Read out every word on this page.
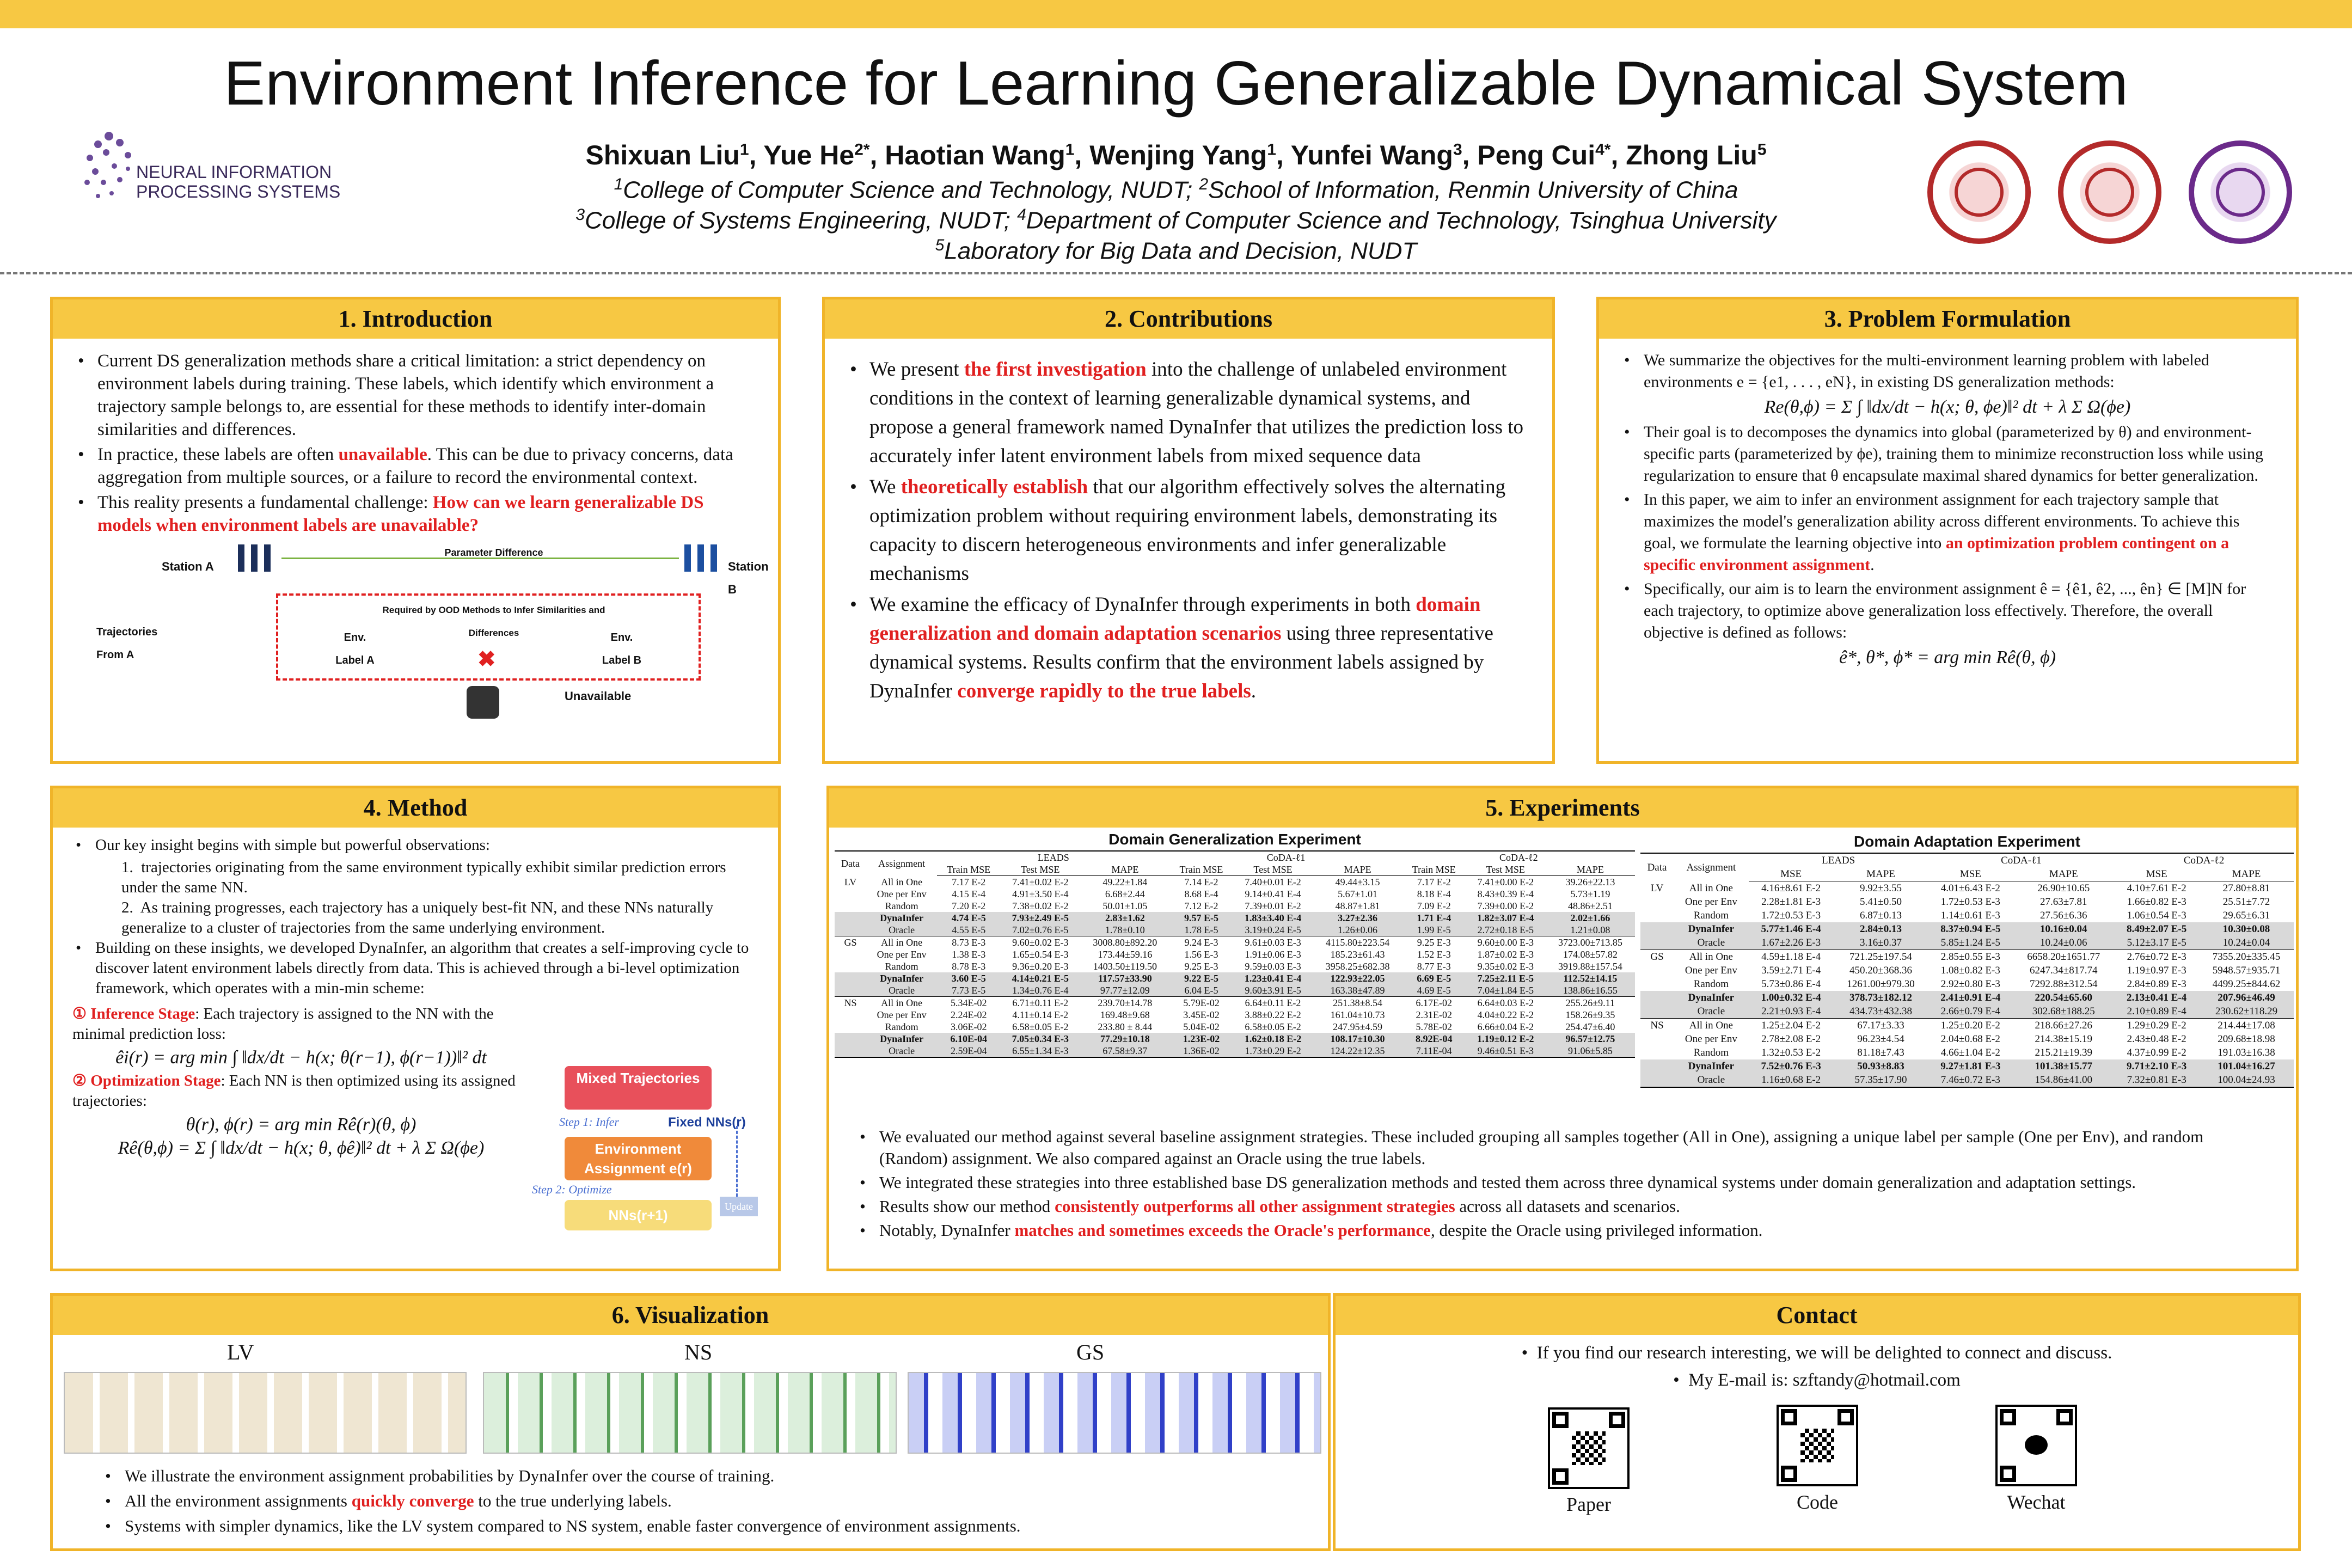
Environment Inference for Learning Generalizable Dynamical System
NEURAL INFORMATION
PROCESSING SYSTEMS
Shixuan Liu$^1$, Yue $He^{2*}$, Haotian Wang$^1$, Wenjing Yang$^1$, Yunfei Wang$^3$, Peng Cui$^{4*}$, Zhong Liu$^5$
$^1$College of Computer Science and Technology, NUDT; $^2$School of Information, Renmin University of China
$^3$College of Systems Engineering, NUDT; $^4$Department of Computer Science and Technology, Tsinghua University
$^5$Laboratory for Big Data and Decision, NUDT
1. Introduction
• Current DS generalization methods share a critical limitation: a strict dependency on environment labels during training. These labels, which identify which environment a trajectory sample belongs to, are essential for these methods to identify inter-domain similarities and differences.
• In practice, these labels are often unavailable. This can be due to privacy concerns, data aggregation from multiple sources, or a failure to record the environmental context.
• This reality presents a fundamental challenge: How can we learn generalizable DS models when environment labels are unavailable?
Station A
Parameter Difference
Station B
Trajectories From A
Required by OOD Methods to Infer Similarities and Differences
Env. Label A
Env. Label B
✖
Unavailable
2. Contributions
• We present the first investigation into the challenge of unlabeled environment conditions in the context of learning generalizable dynamical systems, and propose a general framework named DynaInfer that utilizes the prediction loss to accurately infer latent environment labels from mixed sequence data
• We theoretically establish that our algorithm effectively solves the alternating optimization problem without requiring environment labels, demonstrating its capacity to discern heterogeneous environments and infer generalizable mechanisms
• We examine the efficacy of DynaInfer through experiments in both domain generalization and domain adaptation scenarios using three representative dynamical systems. Results confirm that the environment labels assigned by DynaInfer converge rapidly to the true labels.
3. Problem Formulation
• We summarize the objectives for the multi-environment learning problem with labeled environments e = {e1, . . . , eN}, in existing DS generalization methods:
Re(θ,ϕ) = Σ ∫ ‖dx/dt − h(x; θ, ϕe)‖² dt + λ Σ Ω(ϕe)
• Their goal is to decomposes the dynamics into global (parameterized by θ) and environment-specific parts (parameterized by ϕe), training them to minimize reconstruction loss while using regularization to ensure that θ encapsulate maximal shared dynamics for better generalization.
• In this paper, we aim to infer an environment assignment for each trajectory sample that maximizes the model's generalization ability across different environments. To achieve this goal, we formulate the learning objective into an optimization problem contingent on a specific environment assignment.
• Specifically, our aim is to learn the environment assignment ê = {ê1, ê2, ..., ên} ∈ [M]N for each trajectory, to optimize above generalization loss effectively. Therefore, the overall objective is defined as follows:
ê*, θ*, ϕ* = arg min Rê(θ, ϕ)
4. Method
• Our key insight begins with simple but powerful observations:
1.  trajectories originating from the same environment typically exhibit similar prediction errors under the same NN.
2.  As training progresses, each trajectory has a uniquely best-fit NN, and these NNs naturally generalize to a cluster of trajectories from the same underlying environment.
• Building on these insights, we developed DynaInfer, an algorithm that creates a self-improving cycle to discover latent environment labels directly from data. This is achieved through a bi-level optimization framework, which operates with a min-min scheme:
① Inference Stage: Each trajectory is assigned to the NN with the minimal prediction loss:
êi(r) = arg min ∫ ‖dx/dt − h(x; θ(r−1), ϕ(r−1))‖² dt
② Optimization Stage: Each NN is then optimized using its assigned trajectories:
θ(r), ϕ(r) = arg min Rê(r)(θ, ϕ)
Rê(θ,ϕ) = Σ ∫ ‖dx/dt − h(x; θ, ϕê)‖² dt + λ Σ Ω(ϕe)
Mixed Trajectories
Step 1: Infer	Fixed NNs(r)
Environment Assignment e(r)
Step 2: Optimize
NNs(r+1)
Update
5. Experiments
Domain Generalization Experiment
Data	Assignment	LEADS			CoDA-ℓ1			CoDA-ℓ2		
		Train MSE	Test MSE	MAPE	Train MSE	Test MSE	MAPE	Train MSE	Test MSE	MAPE
LV	All in One	7.17 E-2	7.41±0.02 E-2	49.22±1.84	7.14 E-2	7.40±0.01 E-2	49.44±3.15	7.17 E-2	7.41±0.00 E-2	39.26±22.13
	One per Env	4.15 E-4	4.91±3.50 E-4	6.68±2.44	8.68 E-4	9.14±0.41 E-4	5.67±1.01	8.18 E-4	8.43±0.39 E-4	5.73±1.19
	Random	7.20 E-2	7.38±0.02 E-2	50.01±1.05	7.12 E-2	7.39±0.01 E-2	48.87±1.81	7.09 E-2	7.39±0.00 E-2	48.86±2.51
	DynaInfer	4.74 E-5	7.93±2.49 E-5	2.83±1.62	9.57 E-5	1.83±3.40 E-4	3.27±2.36	1.71 E-4	1.82±3.07 E-4	2.02±1.66
	Oracle	4.55 E-5	7.02±0.76 E-5	1.78±0.10	1.78 E-5	3.19±0.24 E-5	1.26±0.06	1.99 E-5	2.72±0.18 E-5	1.21±0.08
GS	All in One	8.73 E-3	9.60±0.02 E-3	3008.80±892.20	9.24 E-3	9.61±0.03 E-3	4115.80±223.54	9.25 E-3	9.60±0.00 E-3	3723.00±713.85
	One per Env	1.38 E-3	1.65±0.54 E-3	173.44±59.16	1.56 E-3	1.91±0.06 E-3	185.23±61.43	1.52 E-3	1.87±0.02 E-3	174.08±57.82
	Random	8.78 E-3	9.36±0.20 E-3	1403.50±119.50	9.25 E-3	9.59±0.03 E-3	3958.25±682.38	8.77 E-3	9.35±0.02 E-3	3919.88±157.54
	DynaInfer	3.60 E-5	4.14±0.21 E-5	117.57±33.90	9.22 E-5	1.23±0.41 E-4	122.93±22.05	6.69 E-5	7.25±2.11 E-5	112.52±14.15
	Oracle	7.73 E-5	1.34±0.76 E-4	97.77±12.09	6.04 E-5	9.60±3.91 E-5	163.38±47.89	4.69 E-5	7.04±1.84 E-5	138.86±16.55
NS	All in One	5.34E-02	6.71±0.11 E-2	239.70±14.78	5.79E-02	6.64±0.11 E-2	251.38±8.54	6.17E-02	6.64±0.03 E-2	255.26±9.11
	One per Env	2.24E-02	4.11±0.14 E-2	169.48±9.68	3.45E-02	3.88±0.22 E-2	161.04±10.73	2.31E-02	4.04±0.22 E-2	158.26±9.35
	Random	3.06E-02	6.58±0.05 E-2	233.80 ± 8.44	5.04E-02	6.58±0.05 E-2	247.95±4.59	5.78E-02	6.66±0.04 E-2	254.47±6.40
	DynaInfer	6.10E-04	7.05±0.34 E-3	77.29±10.18	1.23E-02	1.62±0.18 E-2	108.17±10.30	8.92E-04	1.19±0.12 E-2	96.57±12.75
	Oracle	2.59E-04	6.55±1.34 E-3	67.58±9.37	1.36E-02	1.73±0.29 E-2	124.22±12.35	7.11E-04	9.46±0.51 E-3	91.06±5.85
Domain Adaptation Experiment
Data	Assignment	LEADS		CoDA-ℓ1		CoDA-ℓ2	
		MSE	MAPE	MSE	MAPE	MSE	MAPE
LV	All in One	4.16±8.61 E-2	9.92±3.55	4.01±6.43 E-2	26.90±10.65	4.10±7.61 E-2	27.80±8.81
	One per Env	2.28±1.81 E-3	5.41±0.50	1.72±0.53 E-3	27.63±7.81	1.66±0.82 E-3	25.51±7.72
	Random	1.72±0.53 E-3	6.87±0.13	1.14±0.61 E-3	27.56±6.36	1.06±0.54 E-3	29.65±6.31
	DynaInfer	5.77±1.46 E-4	2.84±0.13	8.37±0.94 E-5	10.16±0.04	8.49±2.07 E-5	10.30±0.08
	Oracle	1.67±2.26 E-3	3.16±0.37	5.85±1.24 E-5	10.24±0.06	5.12±3.17 E-5	10.24±0.04
GS	All in One	4.59±1.18 E-4	721.25±197.54	2.85±0.55 E-3	6658.20±1651.77	2.76±0.72 E-3	7355.20±335.45
	One per Env	3.59±2.71 E-4	450.20±368.36	1.08±0.82 E-3	6247.34±817.74	1.19±0.97 E-3	5948.57±935.71
	Random	5.73±0.86 E-4	1261.00±979.30	2.92±0.80 E-3	7292.88±312.54	2.84±0.89 E-3	4499.25±844.62
	DynaInfer	1.00±0.32 E-4	378.73±182.12	2.41±0.91 E-4	220.54±65.60	2.13±0.41 E-4	207.96±46.49
	Oracle	2.21±0.93 E-4	434.73±432.38	2.66±0.79 E-4	302.68±188.25	2.10±0.89 E-4	230.62±118.29
NS	All in One	1.25±2.04 E-2	67.17±3.33	1.25±0.20 E-2	218.66±27.26	1.29±0.29 E-2	214.44±17.08
	One per Env	2.78±2.08 E-2	96.23±4.54	2.04±0.68 E-2	214.38±15.19	2.43±0.48 E-2	209.68±18.98
	Random	1.32±0.53 E-2	81.18±7.43	4.66±1.04 E-2	215.21±19.39	4.37±0.99 E-2	191.03±16.38
	DynaInfer	7.52±0.76 E-3	50.93±8.83	9.27±1.81 E-3	101.38±15.77	9.71±2.10 E-3	101.04±16.27
	Oracle	1.16±0.68 E-2	57.35±17.90	7.46±0.72 E-3	154.86±41.00	7.32±0.81 E-3	100.04±24.93
• We evaluated our method against several baseline assignment strategies. These included grouping all samples together (All in One), assigning a unique label per sample (One per Env), and random (Random) assignment. We also compared against an Oracle using the true labels.
• We integrated these strategies into three established base DS generalization methods and tested them across three dynamical systems under domain generalization and adaptation settings.
• Results show our method consistently outperforms all other assignment strategies across all datasets and scenarios.
• Notably, DynaInfer matches and sometimes exceeds the Oracle's performance, despite the Oracle using privileged information.
6. Visualization
LV	NS	GS
• We illustrate the environment assignment probabilities by DynaInfer over the course of training.
• All the environment assignments quickly converge to the true underlying labels.
• Systems with simpler dynamics, like the LV system compared to NS system, enable faster convergence of environment assignments.
Contact
•  If you find our research interesting, we will be delighted to connect and discuss.
•  My E-mail is: szftandy@hotmail.com
Paper	Code	Wechat
